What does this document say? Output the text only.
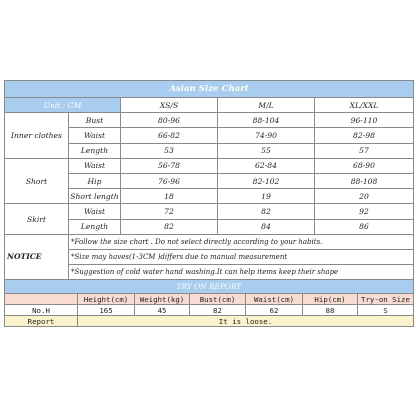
Asian Size Chart				
Unit : CM		XS/S	M/L	XL/XXL
Inner clothes	Bust	80-96	88-104	96-110
	Waist	66-82	74-90	82-98
	Length	53	55	57
Short	Waist	56-78	62-84	68-90
	Hip	76-96	82-102	88-108
	Short length	18	19	20
Skirt	Waist	72	82	92
	Length	82	84	86
NOTICE	*Follow the size chart . Do not select directly according to your habits.			
	*Size may haves(1-3CM )differs due to manual measurement			
	*Suggestion of cold water hand washing.It can help items keep their shape			
TRY ON REPORT						
	Height(cm)	Weight(kg)	Bust(cm)	Waist(cm)	Hip(cm)	Try-on Size
No.H	165	45	82	62	88	S
Report	It is loose.					
